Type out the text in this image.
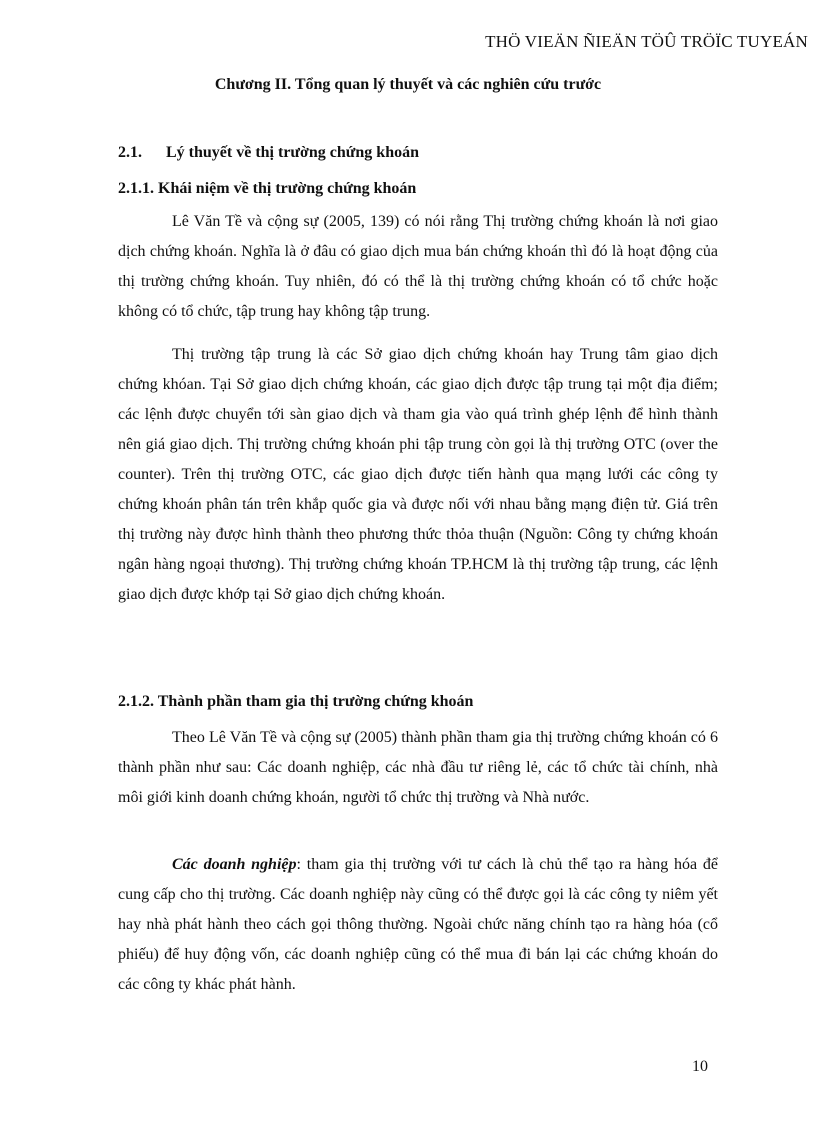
THÖ VIEÄN ÑIEÄN TÖÛ TRÖÏC TUYEÁN
Chương II. Tổng quan lý thuyết và các nghiên cứu trước
2.1. Lý thuyết về thị trường chứng khoán
2.1.1. Khái niệm về thị trường chứng khoán

Lê Văn Tề và cộng sự (2005, 139) có nói rằng Thị trường chứng khoán là nơi giao dịch chứng khoán. Nghĩa là ở đâu có giao dịch mua bán chứng khoán thì đó là hoạt động của thị trường chứng khoán. Tuy nhiên, đó có thể là thị trường chứng khoán có tổ chức hoặc không có tổ chức, tập trung hay không tập trung.

Thị trường tập trung là các Sở giao dịch chứng khoán hay Trung tâm giao dịch chứng khóan. Tại Sở giao dịch chứng khoán, các giao dịch được tập trung tại một địa điểm; các lệnh được chuyển tới sàn giao dịch và tham gia vào quá trình ghép lệnh để hình thành nên giá giao dịch. Thị trường chứng khoán phi tập trung còn gọi là thị trường OTC (over the counter). Trên thị trường OTC, các giao dịch được tiến hành qua mạng lưới các công ty chứng khoán phân tán trên khắp quốc gia và được nối với nhau bằng mạng điện tử. Giá trên thị trường này được hình thành theo phương thức thỏa thuận (Nguồn: Công ty chứng khoán ngân hàng ngoại thương). Thị trường chứng khoán TP.HCM là thị trường tập trung, các lệnh giao dịch được khớp tại Sở giao dịch chứng khoán.

2.1.2. Thành phần tham gia thị trường chứng khoán

Theo Lê Văn Tề và cộng sự (2005) thành phần tham gia thị trường chứng khoán có 6 thành phần như sau: Các doanh nghiệp, các nhà đầu tư riêng lẻ, các tổ chức tài chính, nhà môi giới kinh doanh chứng khoán, người tổ chức thị trường và Nhà nước.

Các doanh nghiệp: tham gia thị trường với tư cách là chủ thể tạo ra hàng hóa để cung cấp cho thị trường. Các doanh nghiệp này cũng có thể được gọi là các công ty niêm yết hay nhà phát hành theo cách gọi thông thường. Ngoài chức năng chính tạo ra hàng hóa (cổ phiếu) để huy động vốn, các doanh nghiệp cũng có thể mua đi bán lại các chứng khoán do các công ty khác phát hành.

10
